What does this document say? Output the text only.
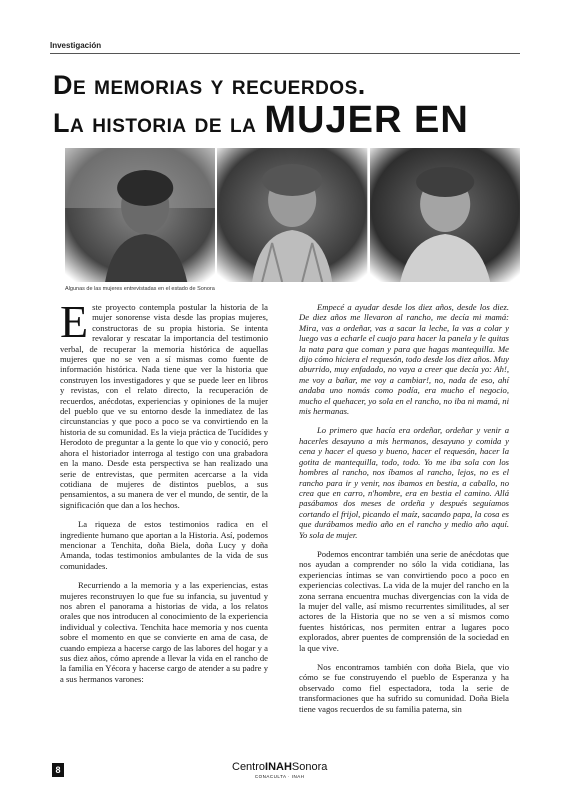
Investigación
De memorias y recuerdos.
La historia de la MUJER EN
Algunas de las mujeres entrevistadas en el estado de Sonora

Este proyecto contempla postular la historia de la mujer sonorense vista desde las propias mujeres, constructoras de su propia historia. Se intenta revalorar y rescatar la importancia del testimonio verbal, de recuperar la memoria histórica de aquellas mujeres que no se ven a sí mismas como fuente de información histórica. Nada tiene que ver la historia que construyen los investigadores y que se puede leer en libros y revistas, con el relato directo, la recuperación de recuerdos, anécdotas, experiencias y opiniones de la mujer del pueblo que ve su entorno desde la inmediatez de las circunstancias y que poco a poco se va convirtiendo en la historia de su comunidad. Es la vieja práctica de Tucídides y Herodoto de preguntar a la gente lo que vio y conoció, pero ahora el historiador interroga al testigo con una grabadora en la mano. Desde esta perspectiva se han realizado una serie de entrevistas, que permiten acercarse a la vida cotidiana de mujeres de distintos pueblos, a sus pensamientos, a su manera de ver el mundo, de sentir, de la significación que dan a los hechos.

La riqueza de estos testimonios radica en el ingrediente humano que aportan a la Historia. Así, podemos mencionar a Tenchita, doña Biela, doña Lucy y doña Amanda, todas testimonios ambulantes de la vida de sus comunidades.

Recurriendo a la memoria y a las experiencias, estas mujeres reconstruyen lo que fue su infancia, su juventud y nos abren el panorama a historias de vida, a los relatos orales que nos introducen al conocimiento de la experiencia individual y colectiva. Tenchita hace memoria y nos cuenta sobre el momento en que se convierte en ama de casa, de cuando empieza a hacerse cargo de las labores del hogar y a sus diez años, cómo aprende a llevar la vida en el rancho de la familia en Yécora y hacerse cargo de atender a su padre y a sus hermanos varones:

Empecé a ayudar desde los diez años, desde los diez. De diez años me llevaron al rancho, me decía mi mamá: Mira, vas a ordeñar, vas a sacar la leche, la vas a colar y luego vas a echarle el cuajo para hacer la panela y le quitas la nata para que coman y para que hagas mantequilla. Me dijo cómo hiciera el requesón, todo desde los diez años. Muy aburrido, muy enfadado, no vaya a creer que decía yo: Ah!, me voy a bañar, me voy a cambiar!, no, nada de eso, ahí andaba uno nomás como podía, era mucho el negocio, mucho el quehacer, yo sola en el rancho, no iba ni mamá, ni mis hermanas.

Lo primero que hacía era ordeñar, ordeñar y venir a hacerles desayuno a mis hermanos, desayuno y comida y cena y hacer el queso y bueno, hacer el requesón, hacer la gotita de mantequilla, todo, todo. Yo me iba sola con los hombres al rancho, nos íbamos al rancho, lejos, no es el rancho para ir y venir, nos íbamos en bestia, a caballo, no crea que en carro, n'hombre, era en bestia el camino. Allá pasábamos dos meses de ordeña y después seguíamos cortando el frijol, picando el maíz, sacando papa, la cosa es que durábamos medio año en el rancho y medio año aquí. Yo sola de mujer.

Podemos encontrar también una serie de anécdotas que nos ayudan a comprender no sólo la vida cotidiana, las experiencias íntimas se van convirtiendo poco a poco en experiencias colectivas. La vida de la mujer del rancho en la zona serrana encuentra muchas divergencias con la vida de la mujer del valle, así mismo recurrentes similitudes, al ser actores de la Historia que no se ven a sí mismos como fuentes históricas, nos permiten entrar a lugares poco explorados, abrer puentes de comprensión de la sociedad en la que vive.

Nos encontramos también con doña Biela, que vio cómo se fue construyendo el pueblo de Esperanza y ha observado como fiel espectadora, toda la serie de transformaciones que ha sufrido su comunidad. Doña Biela tiene vagos recuerdos de su familia paterna, sin

8	CentroINAHSonora
CONACULTA · INAH
